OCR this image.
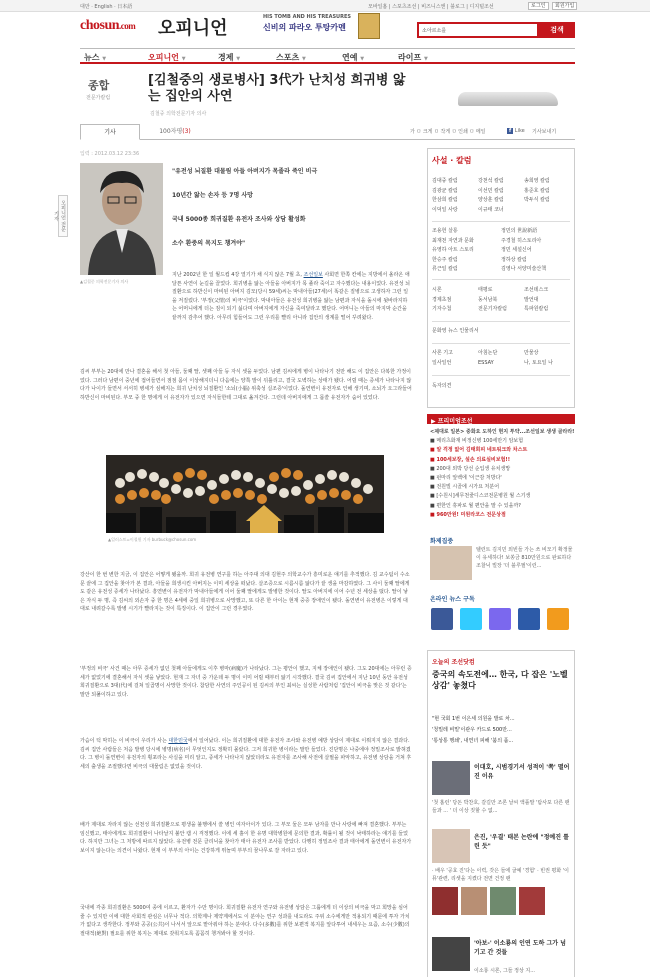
대만 · English · 日本語	모바일홈 | 스포츠조선 | 비즈니스앤 | 블로그 | 디지털조선	로그인	회원가입
chosun.com 오피니언
HIS TOMB AND HIS TREASURES
신비의 파라오 투탕카멘	소아르소를	검색
뉴스 ▼	오피니언 ▼	경제 ▼	스포츠 ▼	연예 ▼	라이프 ▼
종합
전문가칼럼
[김철중의 생로병사] 3代가 난치성 희귀병 앓는 집안의 사연
김철중 의학전문기자 의사
기사	100자평(3)	가 ㅁ 크게 ㅁ 작게 ㅁ 인쇄 ㅁ 메일	f Like 기사보내기
오피니언 전문기자
입력 : 2012.03.12 23:36
▲김철중 의학전문기자 의사
"유전성 뇌질환 대물림 아들 아버지가 목졸라 죽인 비극
10년간 앓는 손자 등 7명 사망
국내 5000종 희귀질환 유전자 조사와 상담 활성화
소수 환중의 목지도 챙겨야"
지난 2002년 한 일 월드컵 4강 열기가 채 식지 않은 7월 초, 조선일보 사회면 한쪽 칸에는 지방에서 올라온 애달픈 사연이 눈길을 끌었다. 희귀병을 앓는 아들을 아버지가 목 졸라 죽이고 자수했다는 내용이었다. 유전성 뇌질환으로 하반신이 마비된 아버지 김모(당시 59세)씨는 막내아들(27세)이 똑같은 질병으로 고생하자 그런 일을 저질렀다. '부정(父情)의 비극'이었다. 막내아들은 유전성 희귀병을 앓는 남편과 자식을 돌시에 뒷바라지하는 어머니에게 더는 짐이 되기 싫다며 아버지에게 자신을 죽여달라고 했단다. 어머니는 아들의 마지막 순간을 끝까지 감추어 했다. 아무리 힘들어도 그런 우리를 빨리 아니라 집안의 생계를 떨어 꾸려왔다.
김씨 부부는 20대에 만나 결혼을 해서 첫 아들, 둘째 딸, 셋째 아들 등 자식 셋을 두었다. 남편 김씨에게 병이 나타나기 전만 해도 이 집안은 다복한 가정이었다. 그러다 남편이 중년에 접어들면서 점점 몸이 이상해지더니 다음에는 양쪽 발이 뒤틀리고, 결국 도벽하는 상태가 됐다. 어릴 때는 증세가 나타나지 않다가 나이가 들면서 서서히 병세가 심해지는 희귀 난치성 뇌질환인 '소뇌(小腦) 위축성 실조증'이었다. 돌연변이 유전자로 인해 생기며, 소뇌가 오그라들어 하반신이 마비된다. 부모 중 한 명에게 이 유전자가 있으면 자식들한테 그대로 옮겨간다. 그런데 아버지에게 그 몹쓸 유전자가 숨어 있었다.
▲일러스트=이철원 기자 burbuck@chosun.com
강산이 한 번 변한 지금, 이 집안은 어떻게 됐을까. 희귀 유전병 연구를 하는 아주대 의대 김현주 의학교수가 흥미로운 얘기를 추적했다. 김 교수팀이 수소문 끝에 그 집안을 찾아가 본 결과, 아들을 희생시킨 아버지는 이미 세상을 떠났다. 살조증으로 시름시름 앓다가 끝 생을 마감하였다. 그 사이 둘째 딸에게도 같은 유전성 증세가 나타났다. 흥연변이 유전자가 막내아들에게 이어 둘째 딸에게도 발병한 것이다. 딸도 아버지에 이어 수년 전 세상을 떴다. 딸이 낳은 자식 두 명, 즉 김씨의 외손자 중 한 명은 4세에 중일 희귀병으로 사망했고, 또 다른 한 아이는 현재 중증 장애인이 됐다. 돌연변이 유전병은 이렇게 대대로 내려갈수록 발병 시기가 빨라지는 것이 특징이다. 이 집안이 그런 경우였다.
'부정의 비극' 사건 때는 아무 증세가 없던 첫째 아들에게도 이후 병마(病魔)가 나타났다. 그는 평안이 했고, 지체 장애인이 됐다. 그도 20대에는 아무런 증세가 없었기에 결혼해서 자식 셋을 낳았다. 현재 그 자녀 중 가운데 두 명이 이미 어릴 때부터 앓기 시작했다. 결국 김씨 집안에서 지난 10년 동안 유전성 희귀질환으로 3대(代)에 걸쳐 일곱명이 사망한 것이다. 참담한 사연의 주인공이 된 김씨의 부인 최씨는 실성한 사람처럼 '집안이 비극을 맞은 것 같다'는 말만 되풀이하고 있다.
가슴이 턱 막히는 이 비극이 우리가 사는 대한민국에서 일어났다. 이는 희귀질환에 대한 유전자 조사와 유전병 예방 상담이 제대로 이뤄지지 않은 결과다. 김씨 집안 사람들은 처음 발병 당시에 병명(病名)이 무엇인지도 정확히 몰랐다. 그저 희귀한 병이라는 말만 들었다. 진단명은 나중에야 정밀조사로 밝혀졌다. 그 병이 돌연변이 유전자의 횡포라는 사실을 미리 알고, 증세가 나타나지 않았더라도 유전자를 조사해 사전에 살필을 파악하고, 유전병 상담을 거쳐 후세의 출생을 조절했다면 비극의 대물림은 없었을 것이다.
배가 제대로 자라지 않는 선천성 희귀질환으로 평생을 불행에서 쓸 병인 여자아이가 있다. 그 부모 둘은 모두 남자를 만나 사랑에 빠져 결혼했다. 부부는 임신했고, 태아에게도 희귀질환이 나타날지 불안 캡 시 걱정했다. 이에 세 흘이 한 유명 대학병원에 문의한 결과, 확률이 될 것이 낙태하라는 얘기를 들었다. 하지만 그녀는 그 처방에 따르지 않았다. 유전병 전문 클리닉을 찾아가 태아 유전자 조사를 받았다. 다행히 정밀조사 결과 태아에게 돌연변이 유전자가 보이지 않는다는 의견이 나왔다. 현재 이 부부의 아이는 건강하게 뛰놀며 부부의 꿈나무로 잘 자라고 있다.
국내에 각종 희귀질환은 5000여 종에 이르고, 환자가 수만 명이다. 희귀질환 유전자 연구와 유전병 상담은 그룹에게 더 이상의 비극을 막고 희망을 심어줄 수 있지만 이에 대한 사회적 관심은 너무나 적다. 의학계나 제약계에서도 이 분야는 연구 성과를 내도라도 주위 소수에게만 적용되기 때문에 투자 가치가 없다고 생각한다. 정부와 공공(公共)이 나서서 앞으로 맡아줘야 하는 분야다. 다수(多數)를 위한 보편적 복지를 앞다투어 내세우는 요즘, 소수(少數)의 절대적(絶對) 필요를 위한 복지는 제대로 갖춰지도록 꼼꼼히 챙겨봐야 할 것이다.
사설 · 칼럼
김대중 칼럼	강천석 칼럼	송희영 칼럼
김광균 칼럼	이선민 칼럼	홍준호 칼럼
한삼희 칼럼	양상훈 칼럼	박두식 칼럼
이덕일 사랑	이규태 코너
조용헌 살롱	정민의 世說新語
최재천 자연과 문화	주경철 히스토리아
유영하 아트 스토리	정민 세설신어
한승주 칼럼	정하상 칼럼
류근일 칼럼	김영나 서양미술산책
시론	태평로	조선데스크
경제초점	동서남북	발언대
기자수첩	전문기자칼럼	특파원칼럼
문화영 뉴스 인물리서
사론 기고	아침논단	만물상
일사일언	ESSAY	나, 토요일 나
독자의견
▶ 프리미엄조선
<제대로 일본> 중화요 도하인 현지 투약...조선일보 생생 골라라!
■ 메리츠화재 비정신병 100세만기 암보험
■ 알 걱정 없어 김태희피 네트워크와 차스트
■ 100세보장, 설손 의료실비보험!!
■ 200대 외박 당선 순입생 유치생망
■ 펀마리 앞백에 '이근감 처방다'
■ 전원빌 시골에 시가요 처분어
■ [수원시]세무천줄디스코전문병원 월 스기생
■ 편한인 휴파로 월 편안을 말 수 있을까?
■ 960만원! 미원라코스 전문상점
화제집중
텔런트 김지민 외빈들 가는 쓰 비모기 확정물이 유세하다! 보쏭금 810만원으로 완료하다 조찰닉 빌장 '더 블루필'이런...
온라인 뉴스 구독
오늘의 조선닷컴
중국의 속도전에… 한국, 다 잡은 '노벨상감' 놓쳤다
"현 국회 1번 이은세 의원을 발로 차...
'청밀레 비밀'이관우 카드로 500만...
'통상통 행쇄', 내연녀 피해 '붐의 품...
이대호, 시범경기서 성적이 '쪽' 떨어진 이유
'첫 홈런' 당돈 박찬호, 갈길만 조론 날씨 액플말 '탐사포 다른 팬들과 ... ' 더 이상 짓할 수 없...
은진, '우결' 태본 논란에 "정예진 틀린 듯"
· 배우 '공효 진'다는 이력, 갓은 들에 굴예 '경험' · 빈권 평화 '이뮤'관련, 리셋을 지켰다 전면 건정 팬
'아보-' 이소룡의 인연 도하 그가 넘기고 간 것들
이소룡 시론, 그들 정상 지...
